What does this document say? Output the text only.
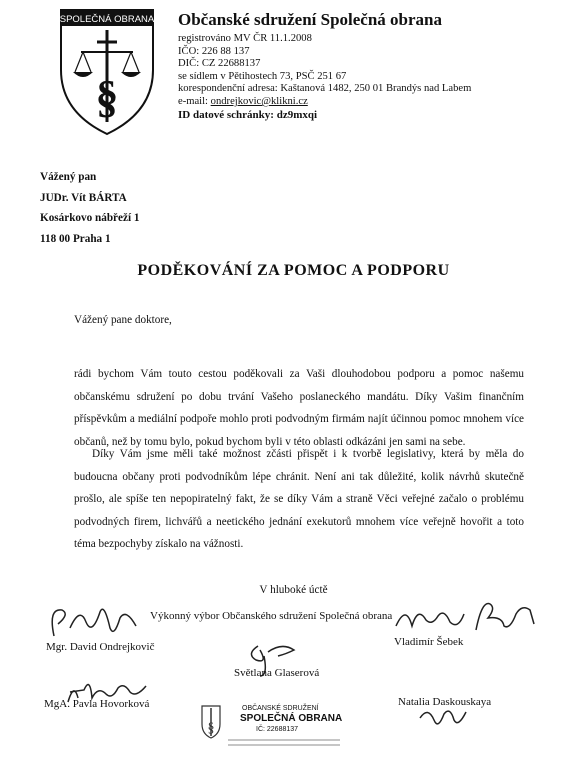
SPOLEČNÁ OBRANA
§
Občanské sdružení Společná obrana
registrováno MV ČR 11.1.2008
IČO: 226 88 137
DIČ: CZ 22688137
se sídlem v Pětihostech 73, PSČ 251 67
korespondenční adresa: Kaštanová 1482, 250 01 Brandýs nad Labem
e-mail: ondrejkovic@klikni.cz
ID datové schránky: dz9mxqi
Vážený pan
JUDr. Vít BÁRTA
Kosárkovo nábřeží 1
118 00 Praha 1
PODĚKOVÁNÍ ZA POMOC A PODPORU
Vážený pane doktore,
rádi bychom Vám touto cestou poděkovali za Vaši dlouhodobou podporu a pomoc našemu občanskému sdružení po dobu trvání Vašeho poslaneckého mandátu. Díky Vašim finančním příspěvkům a mediální podpoře mohlo proti podvodným firmám najít účinnou pomoc mnohem více občanů, než by tomu bylo, pokud bychom byli v této oblasti odkázáni jen sami na sebe.
Díky Vám jsme měli také možnost zčásti přispět i k tvorbě legislativy, která by měla do budoucna občany proti podvodníkům lépe chránit. Není ani tak důležité, kolik návrhů skutečně prošlo, ale spíše ten nepopiratelný fakt, že se díky Vám a straně Věci veřejné začalo o problému podvodných firem, lichvářů a neetického jednání exekutorů mnohem více veřejně hovořit a toto téma bezpochyby získalo na vážnosti.
V hluboké úctě
Výkonný výbor Občanského sdružení Společná obrana
Mgr. David Ondrejkovič	Vladimír Šebek
Světlana Glaserová
MgA. Pavla Hovorková	Natalia Daskouskaya
§
OBČANSKÉ SDRUŽENÍ
SPOLEČNÁ OBRANA
IČ: 22688137
